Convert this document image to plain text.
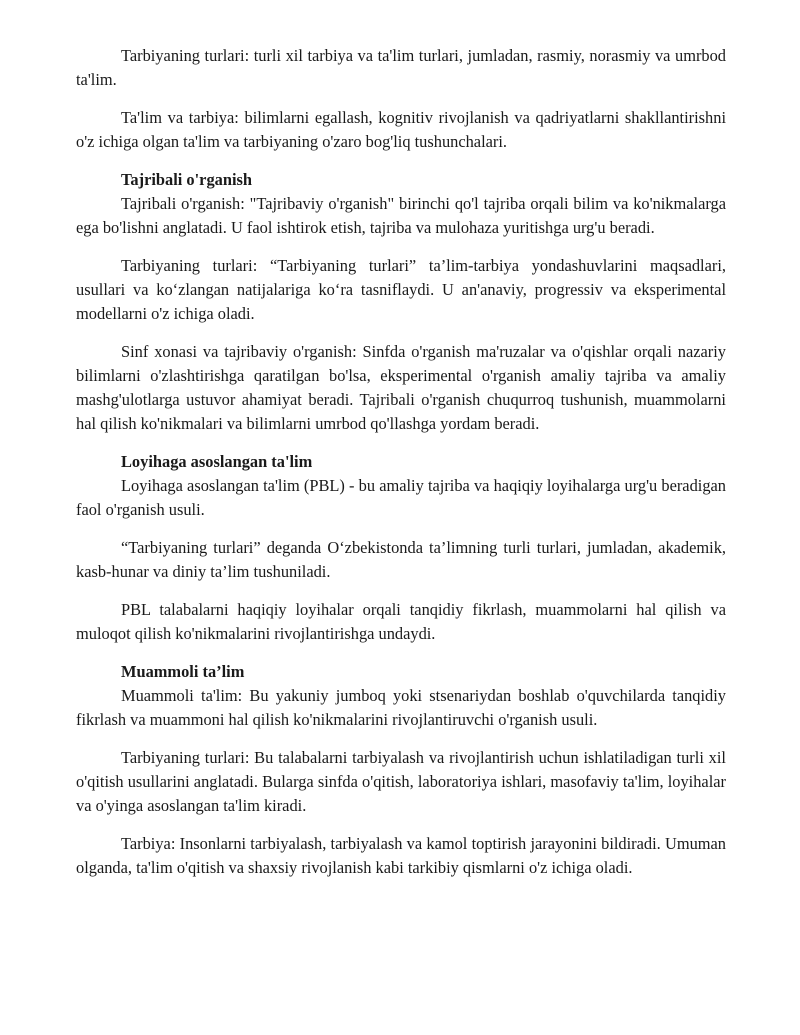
Tarbiyaning turlari: turli xil tarbiya va ta'lim turlari, jumladan, rasmiy, norasmiy va umrbod ta'lim.

Ta'lim va tarbiya: bilimlarni egallash, kognitiv rivojlanish va qadriyatlarni shakllantirishni o'z ichiga olgan ta'lim va tarbiyaning o'zaro bog'liq tushunchalari.

Tajribali o'rganish

Tajribali o'rganish: "Tajribaviy o'rganish" birinchi qo'l tajriba orqali bilim va ko'nikmalarga ega bo'lishni anglatadi. U faol ishtirok etish, tajriba va mulohaza yuritishga urg'u beradi.

Tarbiyaning turlari: “Tarbiyaning turlari” ta’lim-tarbiya yondashuvlarini maqsadlari, usullari va ko‘zlangan natijalariga ko‘ra tasniflaydi. U an'anaviy, progressiv va eksperimental modellarni o'z ichiga oladi.

Sinf xonasi va tajribaviy o'rganish: Sinfda o'rganish ma'ruzalar va o'qishlar orqali nazariy bilimlarni o'zlashtirishga qaratilgan bo'lsa, eksperimental o'rganish amaliy tajriba va amaliy mashg'ulotlarga ustuvor ahamiyat beradi. Tajribali o'rganish chuqurroq tushunish, muammolarni hal qilish ko'nikmalari va bilimlarni umrbod qo'llashga yordam beradi.

Loyihaga asoslangan ta'lim

Loyihaga asoslangan ta'lim (PBL) - bu amaliy tajriba va haqiqiy loyihalarga urg'u beradigan faol o'rganish usuli.

“Tarbiyaning turlari” deganda O‘zbekistonda ta’limning turli turlari, jumladan, akademik, kasb-hunar va diniy ta’lim tushuniladi.

PBL talabalarni haqiqiy loyihalar orqali tanqidiy fikrlash, muammolarni hal qilish va muloqot qilish ko'nikmalarini rivojlantirishga undaydi.

Muammoli ta’lim

Muammoli ta'lim: Bu yakuniy jumboq yoki stsenariydan boshlab o'quvchilarda tanqidiy fikrlash va muammoni hal qilish ko'nikmalarini rivojlantiruvchi o'rganish usuli.

Tarbiyaning turlari: Bu talabalarni tarbiyalash va rivojlantirish uchun ishlatiladigan turli xil o'qitish usullarini anglatadi. Bularga sinfda o'qitish, laboratoriya ishlari, masofaviy ta'lim, loyihalar va o'yinga asoslangan ta'lim kiradi.

Tarbiya: Insonlarni tarbiyalash, tarbiyalash va kamol toptirish jarayonini bildiradi. Umuman olganda, ta'lim o'qitish va shaxsiy rivojlanish kabi tarkibiy qismlarni o'z ichiga oladi.
